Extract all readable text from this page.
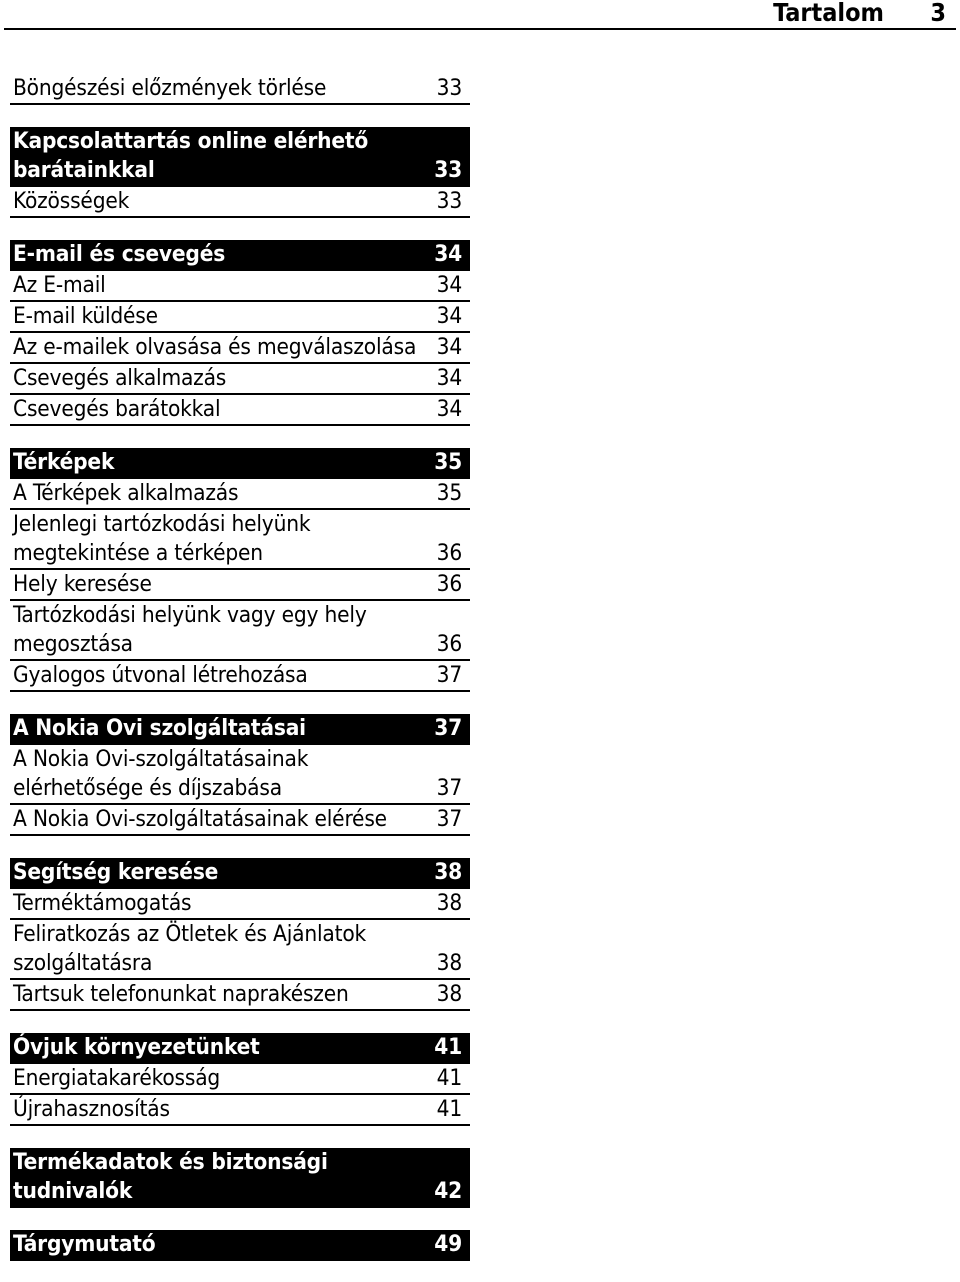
Tartalom 3
Böngészési előzmények törlése	33
Kapcsolattartás online elérhető barátainkkal	33
Közösségek	33
E-mail és csevegés	34
Az E-mail	34
E-mail küldése	34
Az e-mailek olvasása és megválaszolása 34
Csevegés alkalmazás	34
Csevegés barátokkal	34
Térképek	35
A Térképek alkalmazás	35
Jelenlegi tartózkodási helyünk megtekintése a térképen	36
Hely keresése	36
Tartózkodási helyünk vagy egy hely megosztása	36
Gyalogos útvonal létrehozása	37
A Nokia Ovi szolgáltatásai	37
A Nokia Ovi-szolgáltatásainak elérhetősége és díjszabása	37
A Nokia Ovi-szolgáltatásainak elérése	37
Segítség keresése	38
Terméktámogatás	38
Feliratkozás az Ötletek és Ajánlatok szolgáltatásra	38
Tartsuk telefonunkat naprakészen	38
Óvjuk környezetünket	41
Energiatakarékosság	41
Újrahasznosítás	41
Termékadatok és biztonsági tudnivalók	42
Tárgymutató	49
